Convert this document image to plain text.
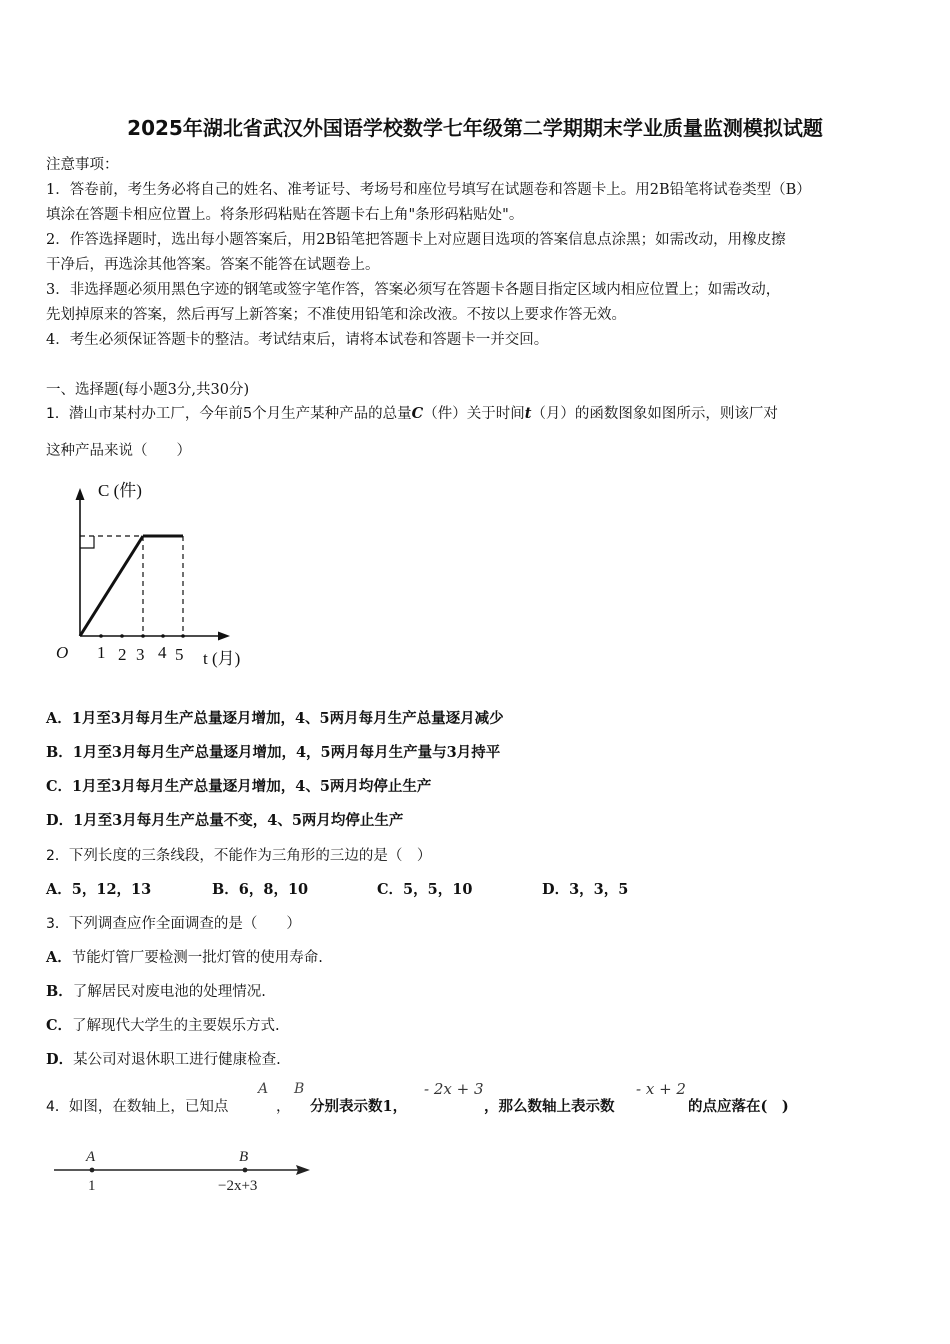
2025年湖北省武汉外国语学校数学七年级第二学期期末学业质量监测模拟试题
注意事项：
1．答卷前，考生务必将自己的姓名、准考证号、考场号和座位号填写在试题卷和答题卡上。用2B铅笔将试卷类型（B）
填涂在答题卡相应位置上。将条形码粘贴在答题卡右上角"条形码粘贴处"。
2．作答选择题时，选出每小题答案后，用2B铅笔把答题卡上对应题目选项的答案信息点涂黑；如需改动，用橡皮擦
干净后，再选涂其他答案。答案不能答在试题卷上。
3．非选择题必须用黑色字迹的钢笔或签字笔作答，答案必须写在答题卡各题目指定区域内相应位置上；如需改动，
先划掉原来的答案，然后再写上新答案；不准使用铅笔和涂改液。不按以上要求作答无效。
4．考生必须保证答题卡的整洁。考试结束后，请将本试卷和答题卡一并交回。
一、选择题(每小题3分,共30分)
1．潜山市某村办工厂，今年前5个月生产某种产品的总量C（件）关于时间t（月）的函数图象如图所示，则该厂对
这种产品来说（　　）
C (件)
O 1 2 3 4 5 t (月)
A．1月至3月每月生产总量逐月增加，4、5两月每月生产总量逐月减少
B．1月至3月每月生产总量逐月增加，4，5两月每月生产量与3月持平
C．1月至3月每月生产总量逐月增加，4、5两月均停止生产
D．1月至3月每月生产总量不变，4、5两月均停止生产
2．下列长度的三条线段，不能作为三角形的三边的是（　）
A．5，12，13	B．6，8，10	C．5，5，10	D．3，3，5
3．下列调查应作全面调查的是（　　）
A．节能灯管厂要检测一批灯管的使用寿命.
B．了解居民对废电池的处理情况.
C．了解现代大学生的主要娱乐方式.
D．某公司对退休职工进行健康检查.
4．如图，在数轴上，已知点
A
，
B
分别表示数1，
- 2x + 3
，那么数轴上表示数
- x + 2
的点应落在(　)
A	B
1	−2x+3
